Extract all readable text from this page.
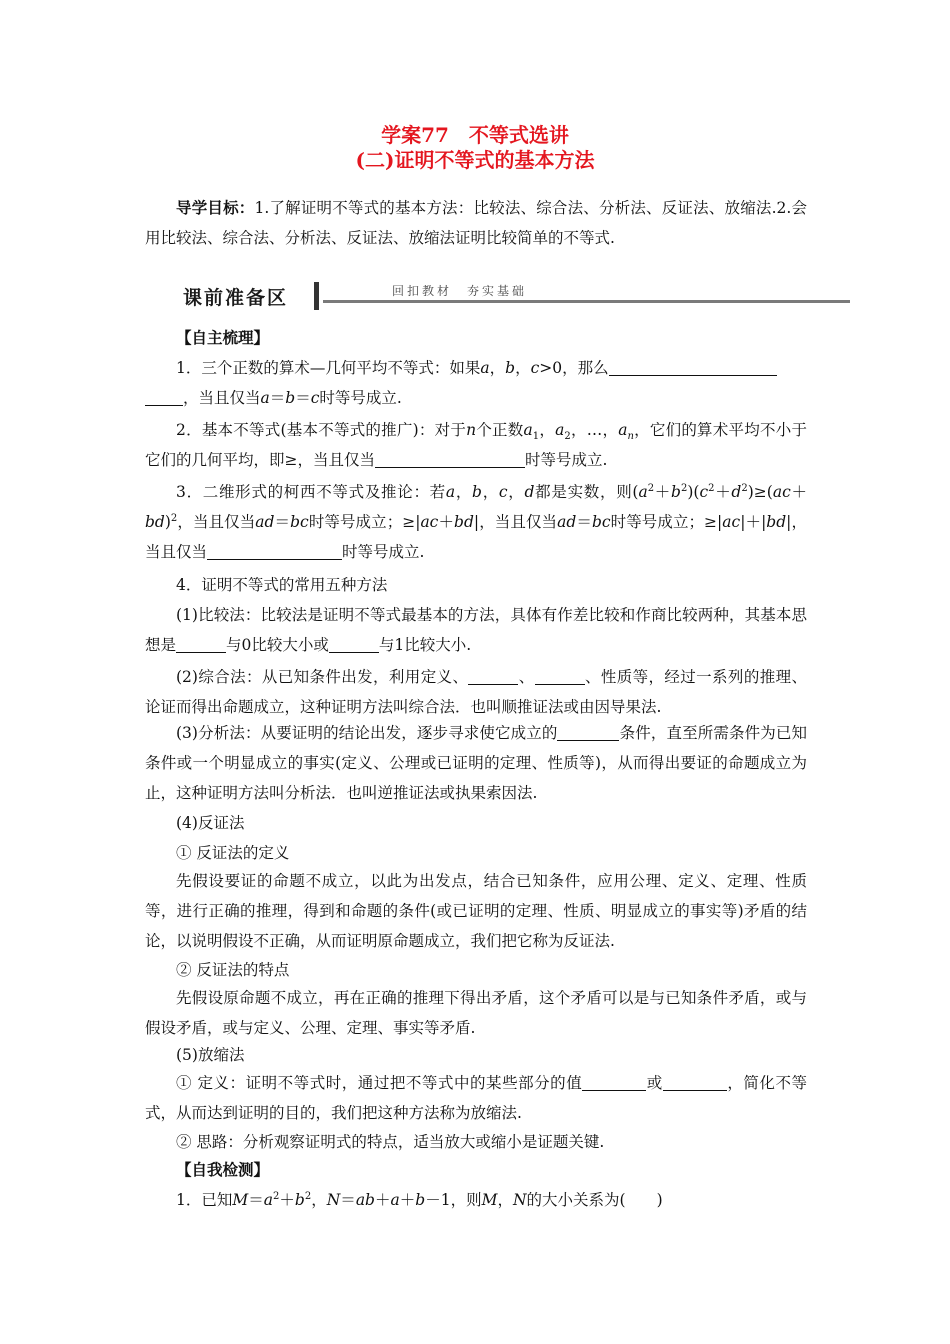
学案77　不等式选讲
(二)证明不等式的基本方法
导学目标：1.了解证明不等式的基本方法：比较法、综合法、分析法、反证法、放缩法.2.会用比较法、综合法、分析法、反证法、放缩法证明比较简单的不等式.
课前准备区	回扣教材　夯实基础
【自主梳理】
1．三个正数的算术—几何平均不等式：如果a，b，c>0，那么
，当且仅当a＝b＝c时等号成立.
2．基本不等式(基本不等式的推广)：对于n个正数$a_1$，$a_2$，…，$a_n$，它们的算术平均不小于它们的几何平均，即≥，当且仅当	时等号成立.
3．二维形式的柯西不等式及推论：若a，b，c，d都是实数，则$(a^2+b^2)(c^2+d^2)\ge(ac+bd)^2$，当且仅当ad＝bc时等号成立；≥|ac＋bd|，当且仅当ad＝bc时等号成立；≥|ac|＋|bd|，当且仅当	时等号成立.
4．证明不等式的常用五种方法
(1)比较法：比较法是证明不等式最基本的方法，具体有作差比较和作商比较两种，其基本思想是	与0比较大小或	与1比较大小.
(2)综合法：从已知条件出发，利用定义、	、	、性质等，经过一系列的推理、论证而得出命题成立，这种证明方法叫综合法．也叫顺推证法或由因导果法.
(3)分析法：从要证明的结论出发，逐步寻求使它成立的	条件，直至所需条件为已知条件或一个明显成立的事实(定义、公理或已证明的定理、性质等)，从而得出要证的命题成立为止，这种证明方法叫分析法．也叫逆推证法或执果索因法.
(4)反证法
① 反证法的定义
先假设要证的命题不成立，以此为出发点，结合已知条件，应用公理、定义、定理、性质等，进行正确的推理，得到和命题的条件(或已证明的定理、性质、明显成立的事实等)矛盾的结论，以说明假设不正确，从而证明原命题成立，我们把它称为反证法.
② 反证法的特点
先假设原命题不成立，再在正确的推理下得出矛盾，这个矛盾可以是与已知条件矛盾，或与假设矛盾，或与定义、公理、定理、事实等矛盾.
(5)放缩法
① 定义：证明不等式时，通过把不等式中的某些部分的值	或	，简化不等式，从而达到证明的目的，我们把这种方法称为放缩法.
② 思路：分析观察证明式的特点，适当放大或缩小是证题关键.
【自我检测】
1．已知$M=a^2+b^2$，N＝ab＋a＋b－1，则M，N的大小关系为(　　)
